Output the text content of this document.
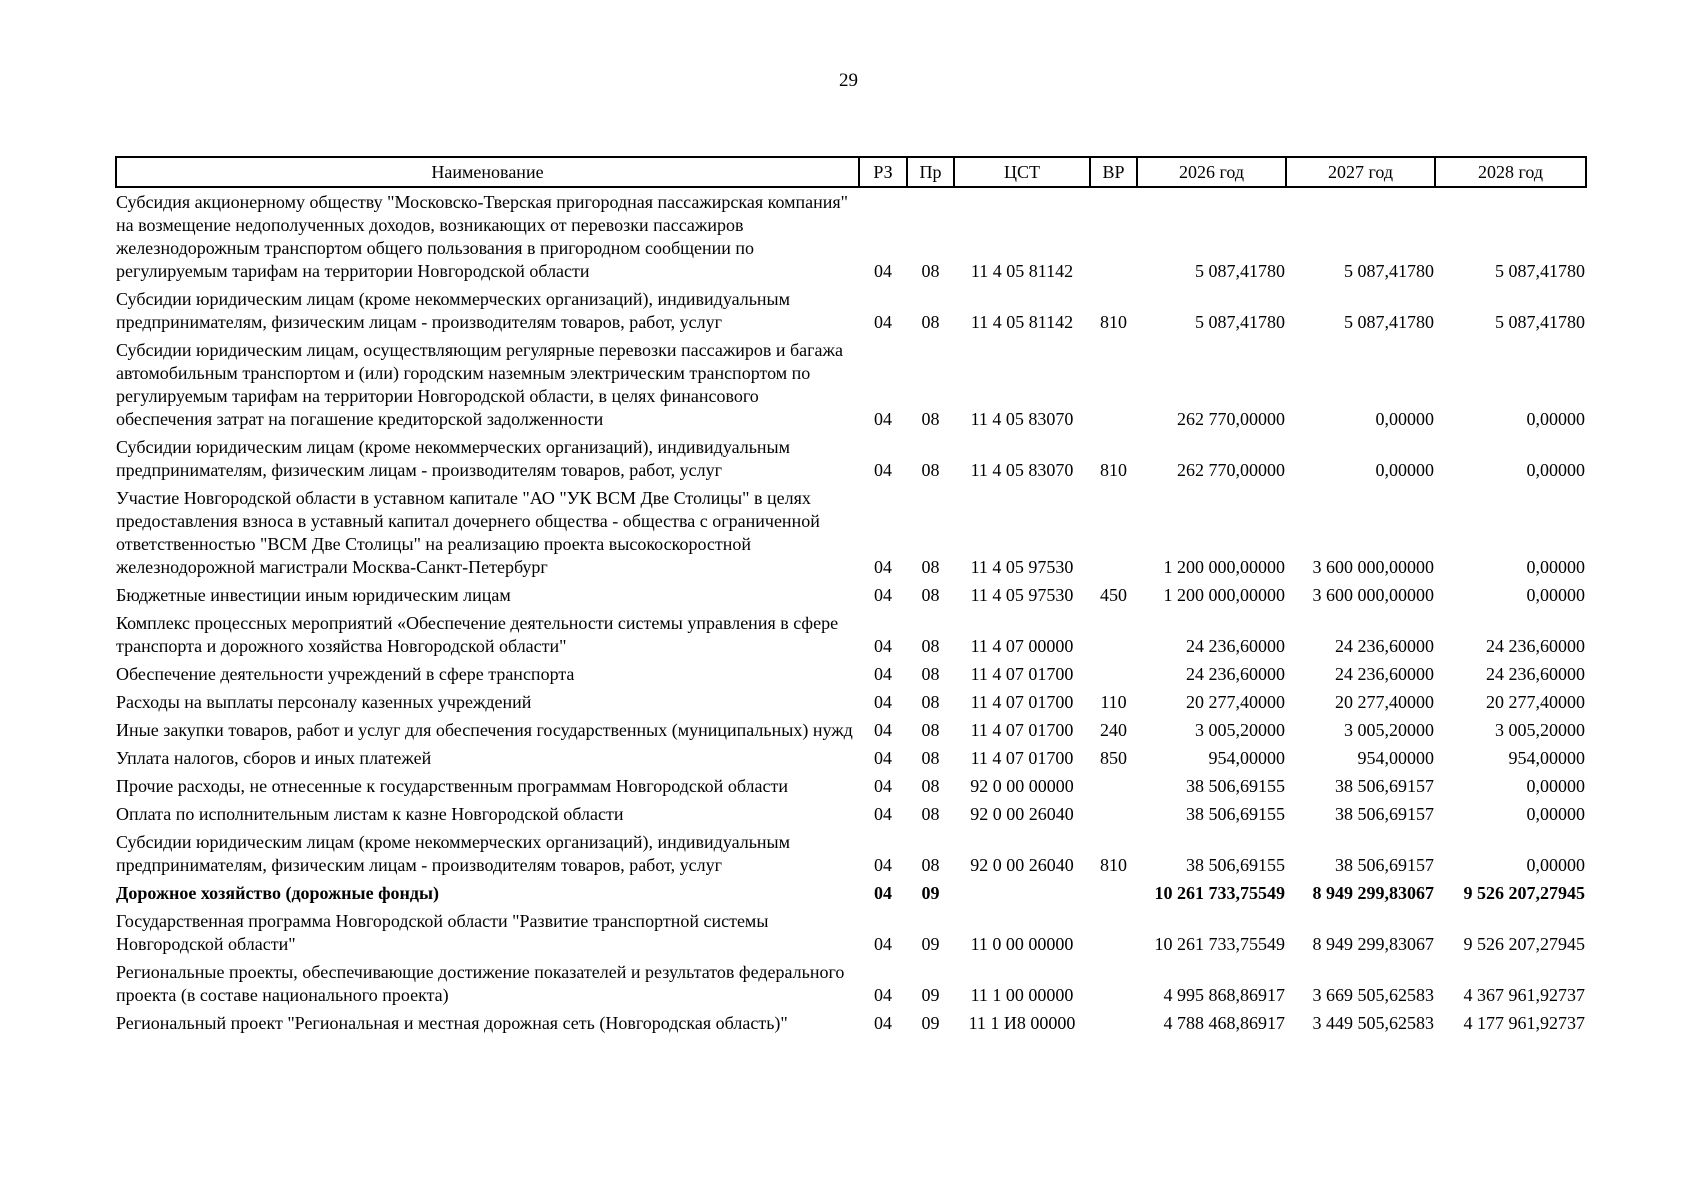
29
Наименование	РЗ	Пр	ЦСТ	ВР	2026 год	2027 год	2028 год
Субсидия акционерному обществу "Московско-Тверская пригородная пассажирская компания" на возмещение недополученных доходов, возникающих от перевозки пассажиров железнодорожным транспортом общего пользования в пригородном сообщении по регулируемым тарифам на территории Новгородской области	04	08	11 4 05 81142		5 087,41780	5 087,41780	5 087,41780
Субсидии юридическим лицам (кроме некоммерческих организаций), индивидуальным предпринимателям, физическим лицам - производителям товаров, работ, услуг	04	08	11 4 05 81142	810	5 087,41780	5 087,41780	5 087,41780
Субсидии юридическим лицам, осуществляющим регулярные перевозки пассажиров и багажа автомобильным транспортом и (или) городским наземным электрическим транспортом по регулируемым тарифам на территории Новгородской области, в целях финансового обеспечения затрат на погашение кредиторской задолженности	04	08	11 4 05 83070		262 770,00000	0,00000	0,00000
Субсидии юридическим лицам (кроме некоммерческих организаций), индивидуальным предпринимателям, физическим лицам - производителям товаров, работ, услуг	04	08	11 4 05 83070	810	262 770,00000	0,00000	0,00000
Участие Новгородской области в уставном капитале "АО "УК ВСМ Две Столицы" в целях предоставления взноса в уставный капитал дочернего общества - общества с ограниченной ответственностью "ВСМ Две Столицы" на реализацию проекта высокоскоростной железнодорожной магистрали Москва-Санкт-Петербург	04	08	11 4 05 97530		1 200 000,00000	3 600 000,00000	0,00000
Бюджетные инвестиции иным юридическим лицам	04	08	11 4 05 97530	450	1 200 000,00000	3 600 000,00000	0,00000
Комплекс процессных мероприятий «Обеспечение деятельности системы управления в сфере транспорта и дорожного хозяйства Новгородской области"	04	08	11 4 07 00000		24 236,60000	24 236,60000	24 236,60000
Обеспечение деятельности учреждений в сфере транспорта	04	08	11 4 07 01700		24 236,60000	24 236,60000	24 236,60000
Расходы на выплаты персоналу казенных учреждений	04	08	11 4 07 01700	110	20 277,40000	20 277,40000	20 277,40000
Иные закупки товаров, работ и услуг для обеспечения государственных (муниципальных) нужд	04	08	11 4 07 01700	240	3 005,20000	3 005,20000	3 005,20000
Уплата налогов, сборов и иных платежей	04	08	11 4 07 01700	850	954,00000	954,00000	954,00000
Прочие расходы, не отнесенные к государственным программам Новгородской области	04	08	92 0 00 00000		38 506,69155	38 506,69157	0,00000
Оплата по исполнительным листам к казне Новгородской области	04	08	92 0 00 26040		38 506,69155	38 506,69157	0,00000
Субсидии юридическим лицам (кроме некоммерческих организаций), индивидуальным предпринимателям, физическим лицам - производителям товаров, работ, услуг	04	08	92 0 00 26040	810	38 506,69155	38 506,69157	0,00000
Дорожное хозяйство (дорожные фонды)	04	09			10 261 733,75549	8 949 299,83067	9 526 207,27945
Государственная программа Новгородской области "Развитие транспортной системы Новгородской области"	04	09	11 0 00 00000		10 261 733,75549	8 949 299,83067	9 526 207,27945
Региональные проекты, обеспечивающие достижение показателей и результатов федерального проекта (в составе национального проекта)	04	09	11 1 00 00000		4 995 868,86917	3 669 505,62583	4 367 961,92737
Региональный проект "Региональная и местная дорожная сеть (Новгородская область)"	04	09	11 1 И8 00000		4 788 468,86917	3 449 505,62583	4 177 961,92737
